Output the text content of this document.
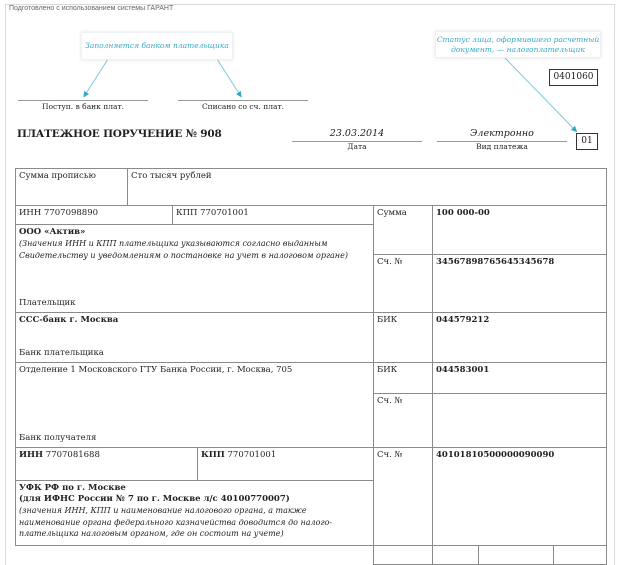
Подготовлено с использованием системы ГАРАНТ
Заполняется банком плательщика
Статус лица, оформившего расчетный
документ, — налогоплательщик
0401060
Поступ. в банк плат.	Списано со сч. плат.
ПЛАТЕЖНОЕ ПОРУЧЕНИЕ № 908	23.03.2014
Дата
Электронно
Вид платежа
01
Сумма прописью	Сто тысяч рублей
ИНН 7707098890	КПП 770701001	Сумма	100 000-00
ООО «Актив»
(Значения ИНН и КПП плательщика указываются согласно выданным Свидетельству и уведомлениям о постановке на учет в налоговом органе)
Плательщик
Сч. №	34567898765645345678
ССС-банк г. Москва
Банк плательщика
БИК	044579212
Отделение 1 Московского ГТУ Банка России, г. Москва, 705
Банк получателя
БИК	044583001
Сч. №
ИНН 7707081688	КПП 770701001	Сч. №	40101810500000090090
УФК РФ по г. Москве
(для ИФНС России № 7 по г. Москве л/с 40100770007)
(значения ИНН, КПП и наименование налогового органа, а также наименование органа федерального казначейства доводится до налого-плательщика налоговым органом, где он состоит на учете)
